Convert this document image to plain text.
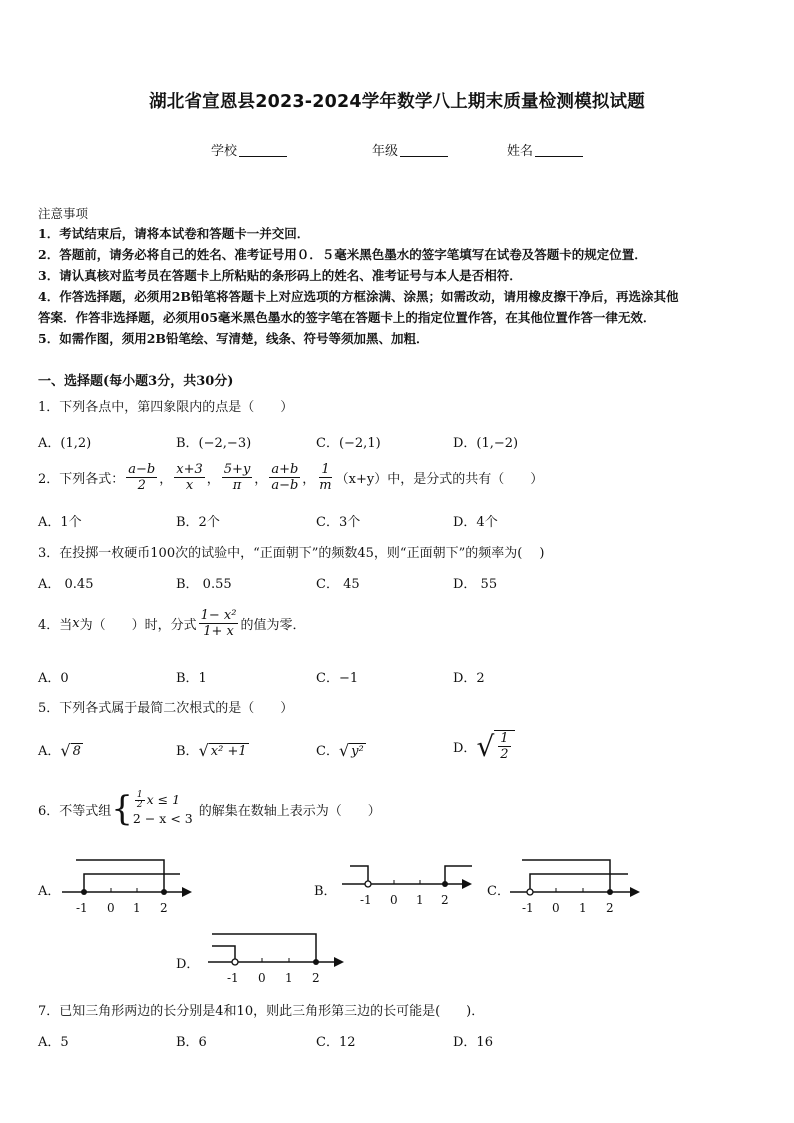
湖北省宣恩县2023-2024学年数学八上期末质量检测模拟试题
学校	年级	姓名
注意事项
1．考试结束后，请将本试卷和答题卡一并交回．
2．答题前，请务必将自己的姓名、准考证号用０．５毫米黑色墨水的签字笔填写在试卷及答题卡的规定位置．
3．请认真核对监考员在答题卡上所粘贴的条形码上的姓名、准考证号与本人是否相符．
4．作答选择题，必须用2B铅笔将答题卡上对应选项的方框涂满、涂黑；如需改动，请用橡皮擦干净后，再选涂其他
答案．作答非选择题，必须用05毫米黑色墨水的签字笔在答题卡上的指定位置作答，在其他位置作答一律无效．
5．如需作图，须用2B铅笔绘、写清楚，线条、符号等须加黑、加粗．
一、选择题(每小题3分，共30分)
1．下列各点中，第四象限内的点是（　　）
A．(1,2)	B．(−2,−3)	C．(−2,1)	D．(1,−2)
2．下列各式： $\frac{a-b}{2}$ ， $\frac{x+3}{x}$ ， $\frac{5+y}{\pi}$ ， $\frac{a+b}{a-b}$ ， $\frac{1}{m} (x+y)$中，是分式的共有（　　）
A．1个	B．2个	C．3个	D．4个
3．在投掷一枚硬币100次的试验中，“正面朝下”的频数45，则“正面朝下”的频率为(　 )
A． 0.45	B． 0.55	C． 45	D． 55
4．当 x 为（　　）时，分式 $\frac{\text{1− x²}}{1+ x}$ 的值为零．
A．0	B．1	C．−1	D．2
5．下列各式属于最简二次根式的是（　　）
A． √ 8	B． √ x² +1	C． √ y²	D． √ $\frac{1}{2}$
6．不等式组 { $\frac{1}{2}$ x ≤ 1
2 − x < 3 的解集在数轴上表示为（　　）
A．
-1 0 1 2
B．
-1 0 1 2
C．
-1 0 1 2
D．
-1 0 1 2
7．已知三角形两边的长分别是4和10，则此三角形第三边的长可能是(　　)．
A．5	B．6	C．12	D．16
